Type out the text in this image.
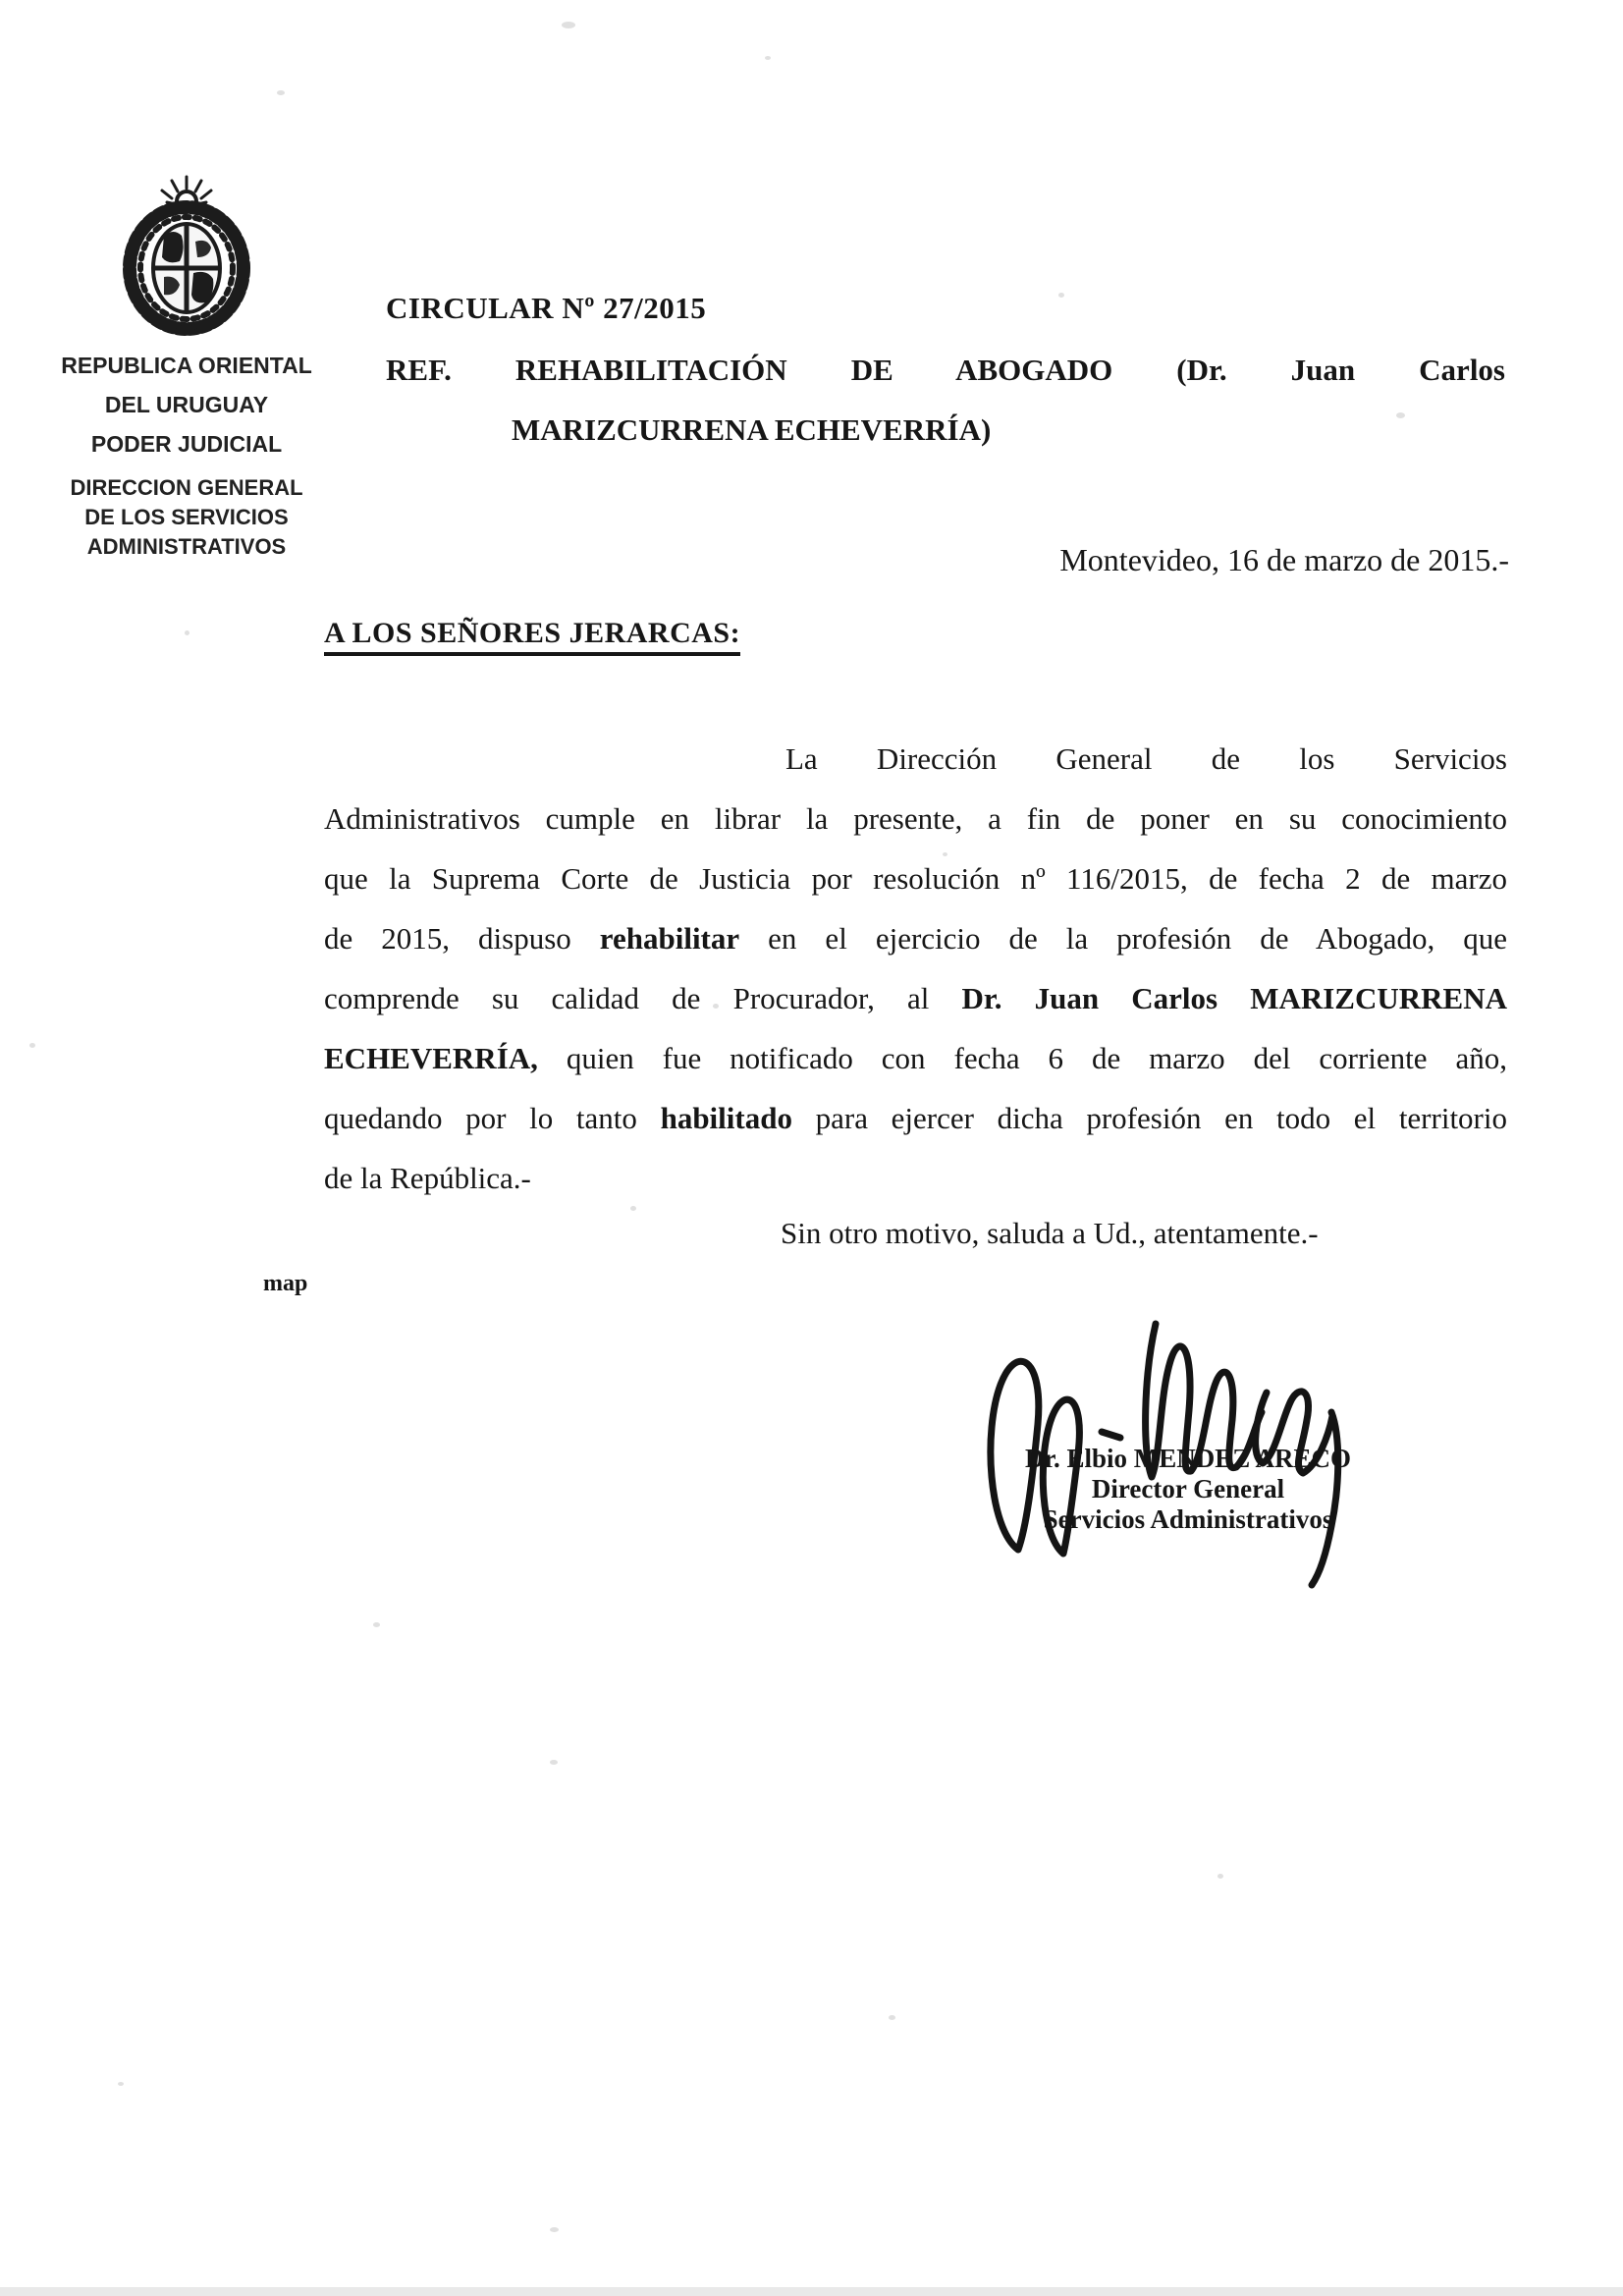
REPUBLICA ORIENTAL
DEL URUGUAY
PODER JUDICIAL
DIRECCION GENERAL
DE LOS SERVICIOS
ADMINISTRATIVOS
CIRCULAR Nº 27/2015
REF. REHABILITACIÓN DE ABOGADO (Dr. Juan Carlos
MARIZCURRENA ECHEVERRÍA)
Montevideo, 16 de marzo de 2015.-
A LOS SEÑORES JERARCAS:
La Dirección General de los Servicios
Administrativos cumple en librar la presente, a fin de poner en su conocimiento
que la Suprema Corte de Justicia por resolución nº 116/2015, de fecha 2 de marzo
de 2015, dispuso rehabilitar en el ejercicio de la profesión de Abogado, que
comprende su calidad de Procurador, al Dr. Juan Carlos MARIZCURRENA
ECHEVERRÍA, quien fue notificado con fecha 6 de marzo del corriente año,
quedando por lo tanto habilitado para ejercer dicha profesión en todo el territorio
de la República.-
Sin otro motivo, saluda a Ud., atentamente.-
map
Dr. Elbio MENDEZ ARECO
Director General
Servicios Administrativos
